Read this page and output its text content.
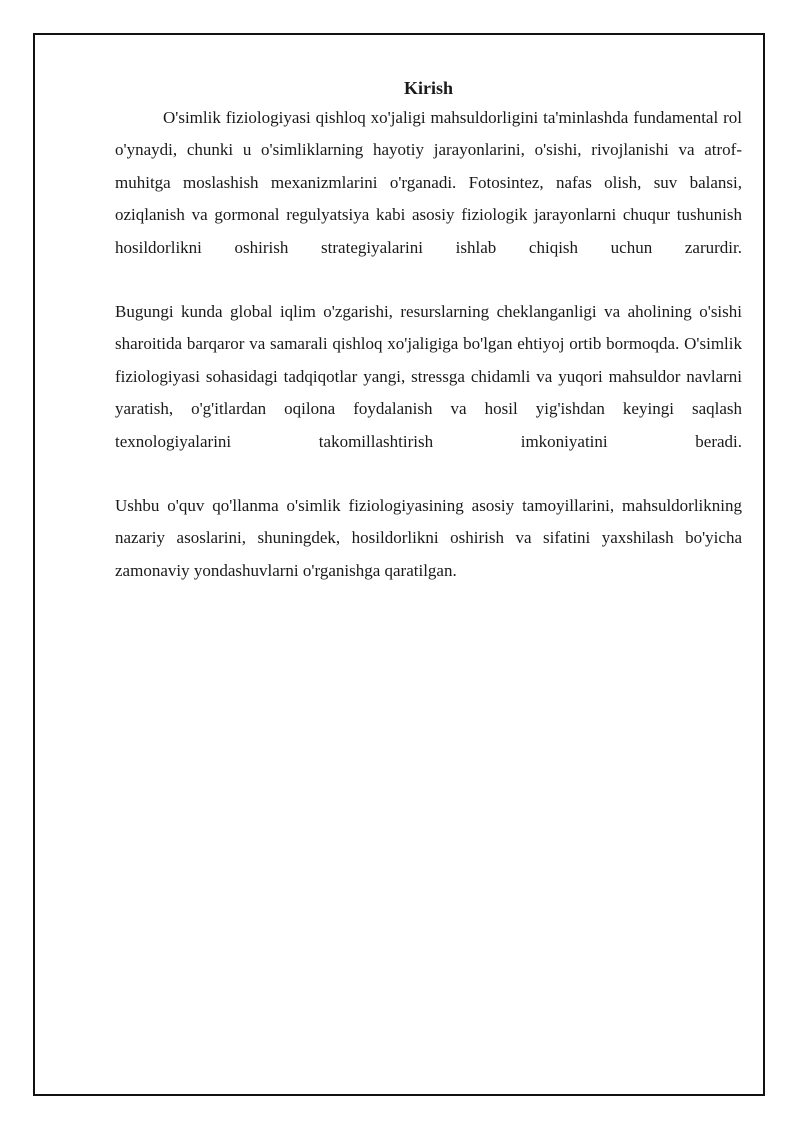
Kirish

O'simlik fiziologiyasi qishloq xo'jaligi mahsuldorligini ta'minlashda fundamental rol o'ynaydi, chunki u o'simliklarning hayotiy jarayonlarini, o'sishi, rivojlanishi va atrof-muhitga moslashish mexanizmlarini o'rganadi. Fotosintez, nafas olish, suv balansi, oziqlanish va gormonal regulyatsiya kabi asosiy fiziologik jarayonlarni chuqur tushunish hosildorlikni oshirish strategiyalarini ishlab chiqish uchun zarurdir.

Bugungi kunda global iqlim o'zgarishi, resurslarning cheklanganligi va aholining o'sishi sharoitida barqaror va samarali qishloq xo'jaligiga bo'lgan ehtiyoj ortib bormoqda. O'simlik fiziologiyasi sohasidagi tadqiqotlar yangi, stressga chidamli va yuqori mahsuldor navlarni yaratish, o'g'itlardan oqilona foydalanish va hosil yig'ishdan keyingi saqlash texnologiyalarini takomillashtirish imkoniyatini beradi.

Ushbu o'quv qo'llanma o'simlik fiziologiyasining asosiy tamoyillarini, mahsuldorlikning nazariy asoslarini, shuningdek, hosildorlikni oshirish va sifatini yaxshilash bo'yicha zamonaviy yondashuvlarni o'rganishga qaratilgan.
